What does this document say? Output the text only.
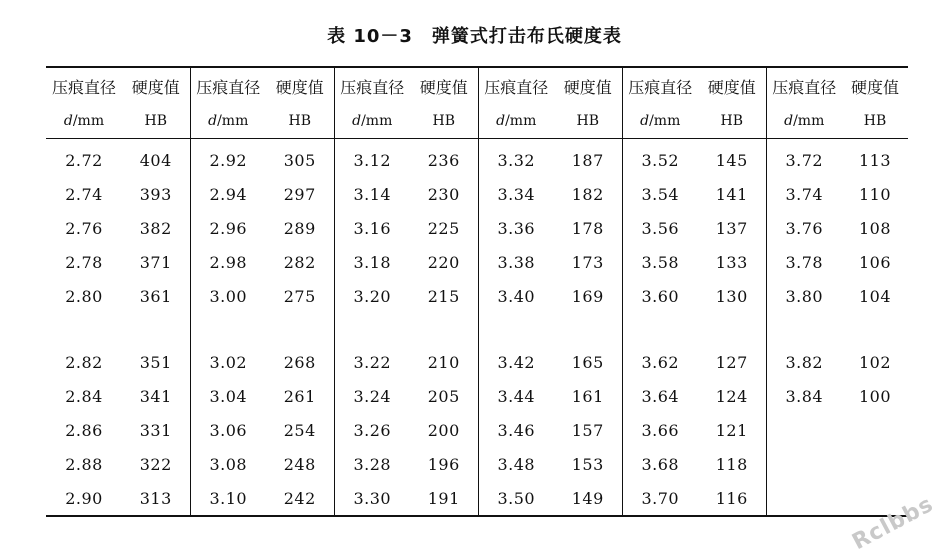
表 10－3　弹簧式打击布氏硬度表
压痕直径	硬度值	压痕直径	硬度值	压痕直径	硬度值	压痕直径	硬度值	压痕直径	硬度值	压痕直径	硬度值
d/mm	HB	d/mm	HB	d/mm	HB	d/mm	HB	d/mm	HB	d/mm	HB
2.72	404	2.92	305	3.12	236	3.32	187	3.52	145	3.72	113
2.74	393	2.94	297	3.14	230	3.34	182	3.54	141	3.74	110
2.76	382	2.96	289	3.16	225	3.36	178	3.56	137	3.76	108
2.78	371	2.98	282	3.18	220	3.38	173	3.58	133	3.78	106
2.80	361	3.00	275	3.20	215	3.40	169	3.60	130	3.80	104

2.82	351	3.02	268	3.22	210	3.42	165	3.62	127	3.82	102
2.84	341	3.04	261	3.24	205	3.44	161	3.64	124	3.84	100
2.86	331	3.06	254	3.26	200	3.46	157	3.66	121		
2.88	322	3.08	248	3.28	196	3.48	153	3.68	118		
2.90	313	3.10	242	3.30	191	3.50	149	3.70	116			Rclbbs
